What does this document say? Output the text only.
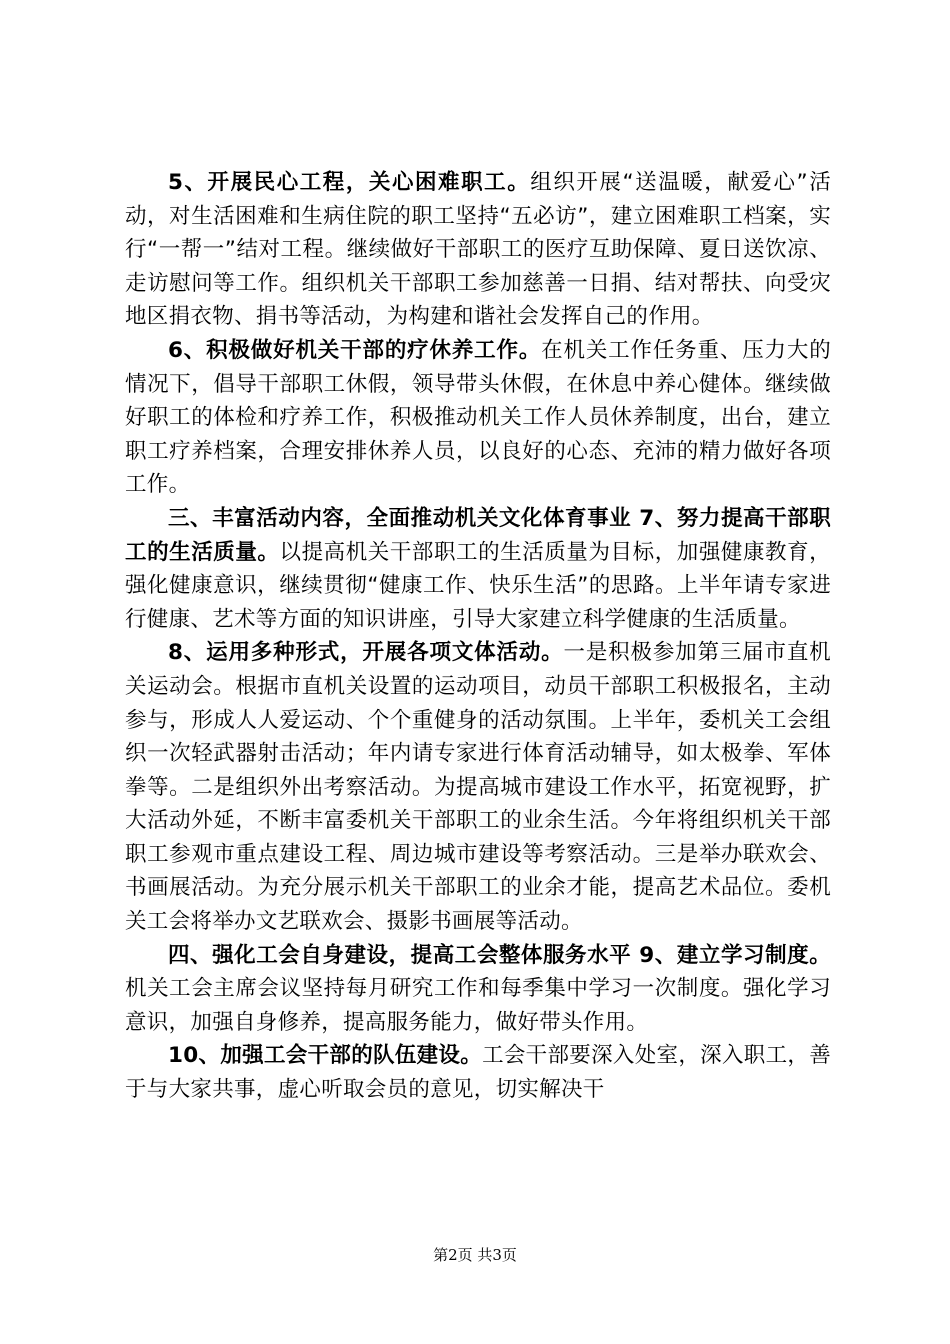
5、开展民心工程，关心困难职工。组织开展“送温暖，献爱心”活动，对生活困难和生病住院的职工坚持“五必访”，建立困难职工档案，实行“一帮一”结对工程。继续做好干部职工的医疗互助保障、夏日送饮凉、走访慰问等工作。组织机关干部职工参加慈善一日捐、结对帮扶、向受灾地区捐衣物、捐书等活动，为构建和谐社会发挥自己的作用。

6、积极做好机关干部的疗休养工作。在机关工作任务重、压力大的情况下，倡导干部职工休假，领导带头休假，在休息中养心健体。继续做好职工的体检和疗养工作，积极推动机关工作人员休养制度，出台，建立职工疗养档案，合理安排休养人员，以良好的心态、充沛的精力做好各项工作。

三、丰富活动内容，全面推动机关文化体育事业 7、努力提高干部职工的生活质量。以提高机关干部职工的生活质量为目标，加强健康教育，强化健康意识，继续贯彻“健康工作、快乐生活”的思路。上半年请专家进行健康、艺术等方面的知识讲座，引导大家建立科学健康的生活质量。

8、运用多种形式，开展各项文体活动。一是积极参加第三届市直机关运动会。根据市直机关设置的运动项目，动员干部职工积极报名，主动参与，形成人人爱运动、个个重健身的活动氛围。上半年，委机关工会组织一次轻武器射击活动；年内请专家进行体育活动辅导，如太极拳、军体拳等。二是组织外出考察活动。为提高城市建设工作水平，拓宽视野，扩大活动外延，不断丰富委机关干部职工的业余生活。今年将组织机关干部职工参观市重点建设工程、周边城市建设等考察活动。三是举办联欢会、书画展活动。为充分展示机关干部职工的业余才能，提高艺术品位。委机关工会将举办文艺联欢会、摄影书画展等活动。

四、强化工会自身建设，提高工会整体服务水平 9、建立学习制度。机关工会主席会议坚持每月研究工作和每季集中学习一次制度。强化学习意识，加强自身修养，提高服务能力，做好带头作用。

10、加强工会干部的队伍建设。工会干部要深入处室，深入职工，善于与大家共事，虚心听取会员的意见，切实解决干

第2页 共3页
